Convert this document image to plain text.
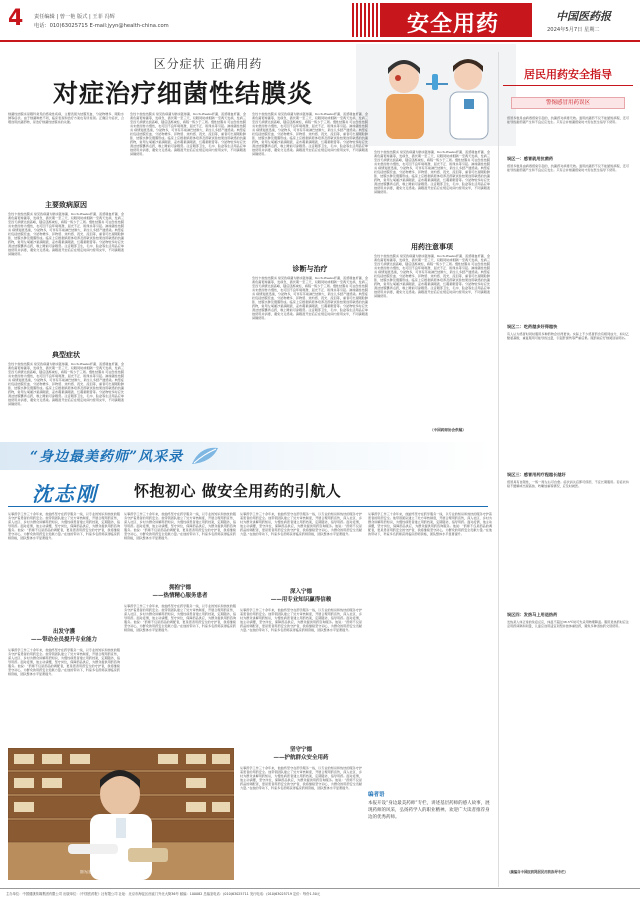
4 责任编辑 | 曾一艳 版式 | 王菲 冯辉
电话：010)63025715 E-mail:jyyn@health-china.com	安全用药	中国医药报
2024年5月7日 星期二
区分症状 正确用药
对症治疗细菌性结膜炎
细菌性结膜炎是眼科常见的感染性疾病，主要表现为结膜充血、分泌物增多、眼睑水肿等症状。由于细菌种类不同，临床表现和治疗方案也有所差别。正确区分症状，合理选用抗菌药物，是治疗细菌性结膜炎的关键。
主要致病原因
急性卡他性结膜炎 常见致病菌为肺炎链球菌、Koch-Weeks杆菌、流感嗜血杆菌、金黄色葡萄球菌等，发病急，潜伏期一至三天，双眼同时或相隔一至两天发病，发病三至四天病情达到高峰，随后逐渐减轻，病程一般少于三周。慢性结膜炎 可由急性结膜炎未愈而转为慢性，也可因不良环境刺激、屈光不正、睑缘炎等引起。淋球菌性结膜炎 病情进展迅速，分泌物多，可伴有耳前淋巴结肿大，新生儿多经产道感染。典型症状包括结膜充血、分泌物增多、异物感、烧灼感、畏光、流泪等，重者可出现眼睑肿胀、结膜水肿及假膜形成。临床上应根据病原体培养及药敏试验结果选用敏感的抗菌药物，常用左氧氟沙星滴眼液、妥布霉素滴眼液、红霉素眼膏等。分泌物较多时应先清洁结膜囊再点药，晚上睡前可涂眼膏。注意眼部卫生，毛巾、脸盆等生活用品应单独使用并消毒，避免交叉感染。滴眼液开封后应在规定时间内使用完毕，不同滴眼液间隔使用。
典型症状
急性卡他性结膜炎 常见致病菌为肺炎链球菌、Koch-Weeks杆菌、流感嗜血杆菌、金黄色葡萄球菌等，发病急，潜伏期一至三天，双眼同时或相隔一至两天发病，发病三至四天病情达到高峰，随后逐渐减轻，病程一般少于三周。慢性结膜炎 可由急性结膜炎未愈而转为慢性，也可因不良环境刺激、屈光不正、睑缘炎等引起。淋球菌性结膜炎 病情进展迅速，分泌物多，可伴有耳前淋巴结肿大，新生儿多经产道感染。典型症状包括结膜充血、分泌物增多、异物感、烧灼感、畏光、流泪等，重者可出现眼睑肿胀、结膜水肿及假膜形成。临床上应根据病原体培养及药敏试验结果选用敏感的抗菌药物，常用左氧氟沙星滴眼液、妥布霉素滴眼液、红霉素眼膏等。分泌物较多时应先清洁结膜囊再点药，晚上睡前可涂眼膏。注意眼部卫生，毛巾、脸盆等生活用品应单独使用并消毒，避免交叉感染。滴眼液开封后应在规定时间内使用完毕，不同滴眼液间隔使用。
急性卡他性结膜炎 常见致病菌为肺炎链球菌、Koch-Weeks杆菌、流感嗜血杆菌、金黄色葡萄球菌等，发病急，潜伏期一至三天，双眼同时或相隔一至两天发病，发病三至四天病情达到高峰，随后逐渐减轻，病程一般少于三周。慢性结膜炎 可由急性结膜炎未愈而转为慢性，也可因不良环境刺激、屈光不正、睑缘炎等引起。淋球菌性结膜炎 病情进展迅速，分泌物多，可伴有耳前淋巴结肿大，新生儿多经产道感染。典型症状包括结膜充血、分泌物增多、异物感、烧灼感、畏光、流泪等，重者可出现眼睑肿胀、结膜水肿及假膜形成。临床上应根据病原体培养及药敏试验结果选用敏感的抗菌药物，常用左氧氟沙星滴眼液、妥布霉素滴眼液、红霉素眼膏等。分泌物较多时应先清洁结膜囊再点药，晚上睡前可涂眼膏。注意眼部卫生，毛巾、脸盆等生活用品应单独使用并消毒，避免交叉感染。滴眼液开封后应在规定时间内使用完毕，不同滴眼液间隔使用。
急性卡他性结膜炎 常见致病菌为肺炎链球菌、Koch-Weeks杆菌、流感嗜血杆菌、金黄色葡萄球菌等，发病急，潜伏期一至三天，双眼同时或相隔一至两天发病，发病三至四天病情达到高峰，随后逐渐减轻，病程一般少于三周。慢性结膜炎 可由急性结膜炎未愈而转为慢性，也可因不良环境刺激、屈光不正、睑缘炎等引起。淋球菌性结膜炎 病情进展迅速，分泌物多，可伴有耳前淋巴结肿大，新生儿多经产道感染。典型症状包括结膜充血、分泌物增多、异物感、烧灼感、畏光、流泪等，重者可出现眼睑肿胀、结膜水肿及假膜形成。临床上应根据病原体培养及药敏试验结果选用敏感的抗菌药物，常用左氧氟沙星滴眼液、妥布霉素滴眼液、红霉素眼膏等。分泌物较多时应先清洁结膜囊再点药，晚上睡前可涂眼膏。注意眼部卫生，毛巾、脸盆等生活用品应单独使用并消毒，避免交叉感染。滴眼液开封后应在规定时间内使用完毕，不同滴眼液间隔使用。
诊断与治疗
急性卡他性结膜炎 常见致病菌为肺炎链球菌、Koch-Weeks杆菌、流感嗜血杆菌、金黄色葡萄球菌等，发病急，潜伏期一至三天，双眼同时或相隔一至两天发病，发病三至四天病情达到高峰，随后逐渐减轻，病程一般少于三周。慢性结膜炎 可由急性结膜炎未愈而转为慢性，也可因不良环境刺激、屈光不正、睑缘炎等引起。淋球菌性结膜炎 病情进展迅速，分泌物多，可伴有耳前淋巴结肿大，新生儿多经产道感染。典型症状包括结膜充血、分泌物增多、异物感、烧灼感、畏光、流泪等，重者可出现眼睑肿胀、结膜水肿及假膜形成。临床上应根据病原体培养及药敏试验结果选用敏感的抗菌药物，常用左氧氟沙星滴眼液、妥布霉素滴眼液、红霉素眼膏等。分泌物较多时应先清洁结膜囊再点药，晚上睡前可涂眼膏。注意眼部卫生，毛巾、脸盆等生活用品应单独使用并消毒，避免交叉感染。滴眼液开封后应在规定时间内使用完毕，不同滴眼液间隔使用。
急性卡他性结膜炎 常见致病菌为肺炎链球菌、Koch-Weeks杆菌、流感嗜血杆菌、金黄色葡萄球菌等，发病急，潜伏期一至三天，双眼同时或相隔一至两天发病，发病三至四天病情达到高峰，随后逐渐减轻，病程一般少于三周。慢性结膜炎 可由急性结膜炎未愈而转为慢性，也可因不良环境刺激、屈光不正、睑缘炎等引起。淋球菌性结膜炎 病情进展迅速，分泌物多，可伴有耳前淋巴结肿大，新生儿多经产道感染。典型症状包括结膜充血、分泌物增多、异物感、烧灼感、畏光、流泪等，重者可出现眼睑肿胀、结膜水肿及假膜形成。临床上应根据病原体培养及药敏试验结果选用敏感的抗菌药物，常用左氧氟沙星滴眼液、妥布霉素滴眼液、红霉素眼膏等。分泌物较多时应先清洁结膜囊再点药，晚上睡前可涂眼膏。注意眼部卫生，毛巾、脸盆等生活用品应单独使用并消毒，避免交叉感染。滴眼液开封后应在规定时间内使用完毕，不同滴眼液间隔使用。
用药注意事项
急性卡他性结膜炎 常见致病菌为肺炎链球菌、Koch-Weeks杆菌、流感嗜血杆菌、金黄色葡萄球菌等，发病急，潜伏期一至三天，双眼同时或相隔一至两天发病，发病三至四天病情达到高峰，随后逐渐减轻，病程一般少于三周。慢性结膜炎 可由急性结膜炎未愈而转为慢性，也可因不良环境刺激、屈光不正、睑缘炎等引起。淋球菌性结膜炎 病情进展迅速，分泌物多，可伴有耳前淋巴结肿大，新生儿多经产道感染。典型症状包括结膜充血、分泌物增多、异物感、烧灼感、畏光、流泪等，重者可出现眼睑肿胀、结膜水肿及假膜形成。临床上应根据病原体培养及药敏试验结果选用敏感的抗菌药物，常用左氧氟沙星滴眼液、妥布霉素滴眼液、红霉素眼膏等。分泌物较多时应先清洁结膜囊再点药，晚上睡前可涂眼膏。注意眼部卫生，毛巾、脸盆等生活用品应单独使用并消毒，避免交叉感染。滴眼液开封后应在规定时间内使用完毕，不同滴眼液间隔使用。
（中国药师协会供稿）
居民用药安全指导
警惕感冒用药误区
感冒多数是由病毒感染引起的，抗菌药对病毒无效。滥用抗菌药不仅不能缩短病程，还可能导致耐药菌产生和不良反应发生。只有合并细菌感染时才需在医生指导下使用。
误区一：感冒就用抗菌药
感冒多数是由病毒感染引起的，抗菌药对病毒无效。滥用抗菌药不仅不能缩短病程，还可能导致耐药菌产生和不良反应发生。只有合并细菌感染时才需在医生指导下使用。
误区二：吃药越多好得越快
有人认为感冒时同时服用多种药物会好得更快。实际上不少感冒药含有相同成分，如对乙酰氨基酚，重复服用可能导致过量，引起肝损伤等严重后果。服药前应仔细阅读说明书。
误区三：感冒用药疗程越长越好
感冒具有自限性，一般一周左右可自愈。症状消失后即可停药，不宜长期服用。若症状持续不缓解或出现高热、咳嗽加重等情况，应及时就医。
误区四：发热马上用退热药
发热是人体正常的免疫反应，体温不超过38.5℃时可先采用物理降温。服用退热药时应注意用药间隔和剂量，儿童应选用适宜剂型并按体重给药，避免多种退热药交替使用。
（摘编自中国医药网居民用药指导专栏）
“身边最美药师”风采录
沈志刚 怀抱初心 做安全用药的引航人
从事药学工作三十余年来，他始终坚守在药学服务一线，以专业的知识和热忱的服务守护着患者的用药安全。他带领团队建立了处方审核制度，开展合理用药宣传，深入社区、乡村为群众讲解用药知识，为慢性病患者建立用药档案，定期随访，指导用药。面对疫情，他主动请缨，坚守岗位，保障药品供应，为群众提供用药咨询服务。他说：“药师不仅是药品的调配者，更是患者用药安全的守护者，我将继续坚守初心，为群众的用药安全贡献力量。”在他的带动下，科室多名药师获得临床药师资格，团队整体水平显著提升。
出发守護
——带动全员提升专业能力
从事药学工作三十余年来，他始终坚守在药学服务一线，以专业的知识和热忱的服务守护着患者的用药安全。他带领团队建立了处方审核制度，开展合理用药宣传，深入社区、乡村为群众讲解用药知识，为慢性病患者建立用药档案，定期随访，指导用药。面对疫情，他主动请缨，坚守岗位，保障药品供应，为群众提供用药咨询服务。他说：“药师不仅是药品的调配者，更是患者用药安全的守护者，我将继续坚守初心，为群众的用药安全贡献力量。”在他的带动下，科室多名药师获得临床药师资格，团队整体水平显著提升。
从事药学工作三十余年来，他始终坚守在药学服务一线，以专业的知识和热忱的服务守护着患者的用药安全。他带领团队建立了处方审核制度，开展合理用药宣传，深入社区、乡村为群众讲解用药知识，为慢性病患者建立用药档案，定期随访，指导用药。面对疫情，他主动请缨，坚守岗位，保障药品供应，为群众提供用药咨询服务。他说：“药师不仅是药品的调配者，更是患者用药安全的守护者，我将继续坚守初心，为群众的用药安全贡献力量。”在他的带动下，科室多名药师获得临床药师资格，团队整体水平显著提升。
拥抱宁德
——热情精心服务患者
从事药学工作三十余年来，他始终坚守在药学服务一线，以专业的知识和热忱的服务守护着患者的用药安全。他带领团队建立了处方审核制度，开展合理用药宣传，深入社区、乡村为群众讲解用药知识，为慢性病患者建立用药档案，定期随访，指导用药。面对疫情，他主动请缨，坚守岗位，保障药品供应，为群众提供用药咨询服务。他说：“药师不仅是药品的调配者，更是患者用药安全的守护者，我将继续坚守初心，为群众的用药安全贡献力量。”在他的带动下，科室多名药师获得临床药师资格，团队整体水平显著提升。
从事药学工作三十余年来，他始终坚守在药学服务一线，以专业的知识和热忱的服务守护着患者的用药安全。他带领团队建立了处方审核制度，开展合理用药宣传，深入社区、乡村为群众讲解用药知识，为慢性病患者建立用药档案，定期随访，指导用药。面对疫情，他主动请缨，坚守岗位，保障药品供应，为群众提供用药咨询服务。他说：“药师不仅是药品的调配者，更是患者用药安全的守护者，我将继续坚守初心，为群众的用药安全贡献力量。”在他的带动下，科室多名药师获得临床药师资格，团队整体水平显著提升。
深入宁德
——用专业知识赢得信赖
从事药学工作三十余年来，他始终坚守在药学服务一线，以专业的知识和热忱的服务守护着患者的用药安全。他带领团队建立了处方审核制度，开展合理用药宣传，深入社区、乡村为群众讲解用药知识，为慢性病患者建立用药档案，定期随访，指导用药。面对疫情，他主动请缨，坚守岗位，保障药品供应，为群众提供用药咨询服务。他说：“药师不仅是药品的调配者，更是患者用药安全的守护者，我将继续坚守初心，为群众的用药安全贡献力量。”在他的带动下，科室多名药师获得临床药师资格，团队整体水平显著提升。
从事药学工作三十余年来，他始终坚守在药学服务一线，以专业的知识和热忱的服务守护着患者的用药安全。他带领团队建立了处方审核制度，开展合理用药宣传，深入社区、乡村为群众讲解用药知识，为慢性病患者建立用药档案，定期随访，指导用药。面对疫情，他主动请缨，坚守岗位，保障药品供应，为群众提供用药咨询服务。他说：“药师不仅是药品的调配者，更是患者用药安全的守护者，我将继续坚守初心，为群众的用药安全贡献力量。”在他的带动下，科室多名药师获得临床药师资格，团队整体水平显著提升。
图为沈志刚在调配中药饮片。
坚守宁德
——护航群众安全用药
从事药学工作三十余年来，他始终坚守在药学服务一线，以专业的知识和热忱的服务守护着患者的用药安全。他带领团队建立了处方审核制度，开展合理用药宣传，深入社区、乡村为群众讲解用药知识，为慢性病患者建立用药档案，定期随访，指导用药。面对疫情，他主动请缨，坚守岗位，保障药品供应，为群众提供用药咨询服务。他说：“药师不仅是药品的调配者，更是患者用药安全的守护者，我将继续坚守初心，为群众的用药安全贡献力量。”在他的带动下，科室多名药师获得临床药师资格，团队整体水平显著提升。
编者语
本报开设“身边最美药师”专栏，讲述基层药师的感人故事，展现药师的风采，弘扬药学人的职业精神。欢迎广大读者推荐身边的优秀药师。
主办单位：中国健康传媒集团有限公司 出版单位：《中国医药报》社有限公司 社址：北京市海淀区西直门外北大街36号 邮编：100082 总编室电话：(010)63025711 发行电话：(010)63025719 定价：每份1.50元
